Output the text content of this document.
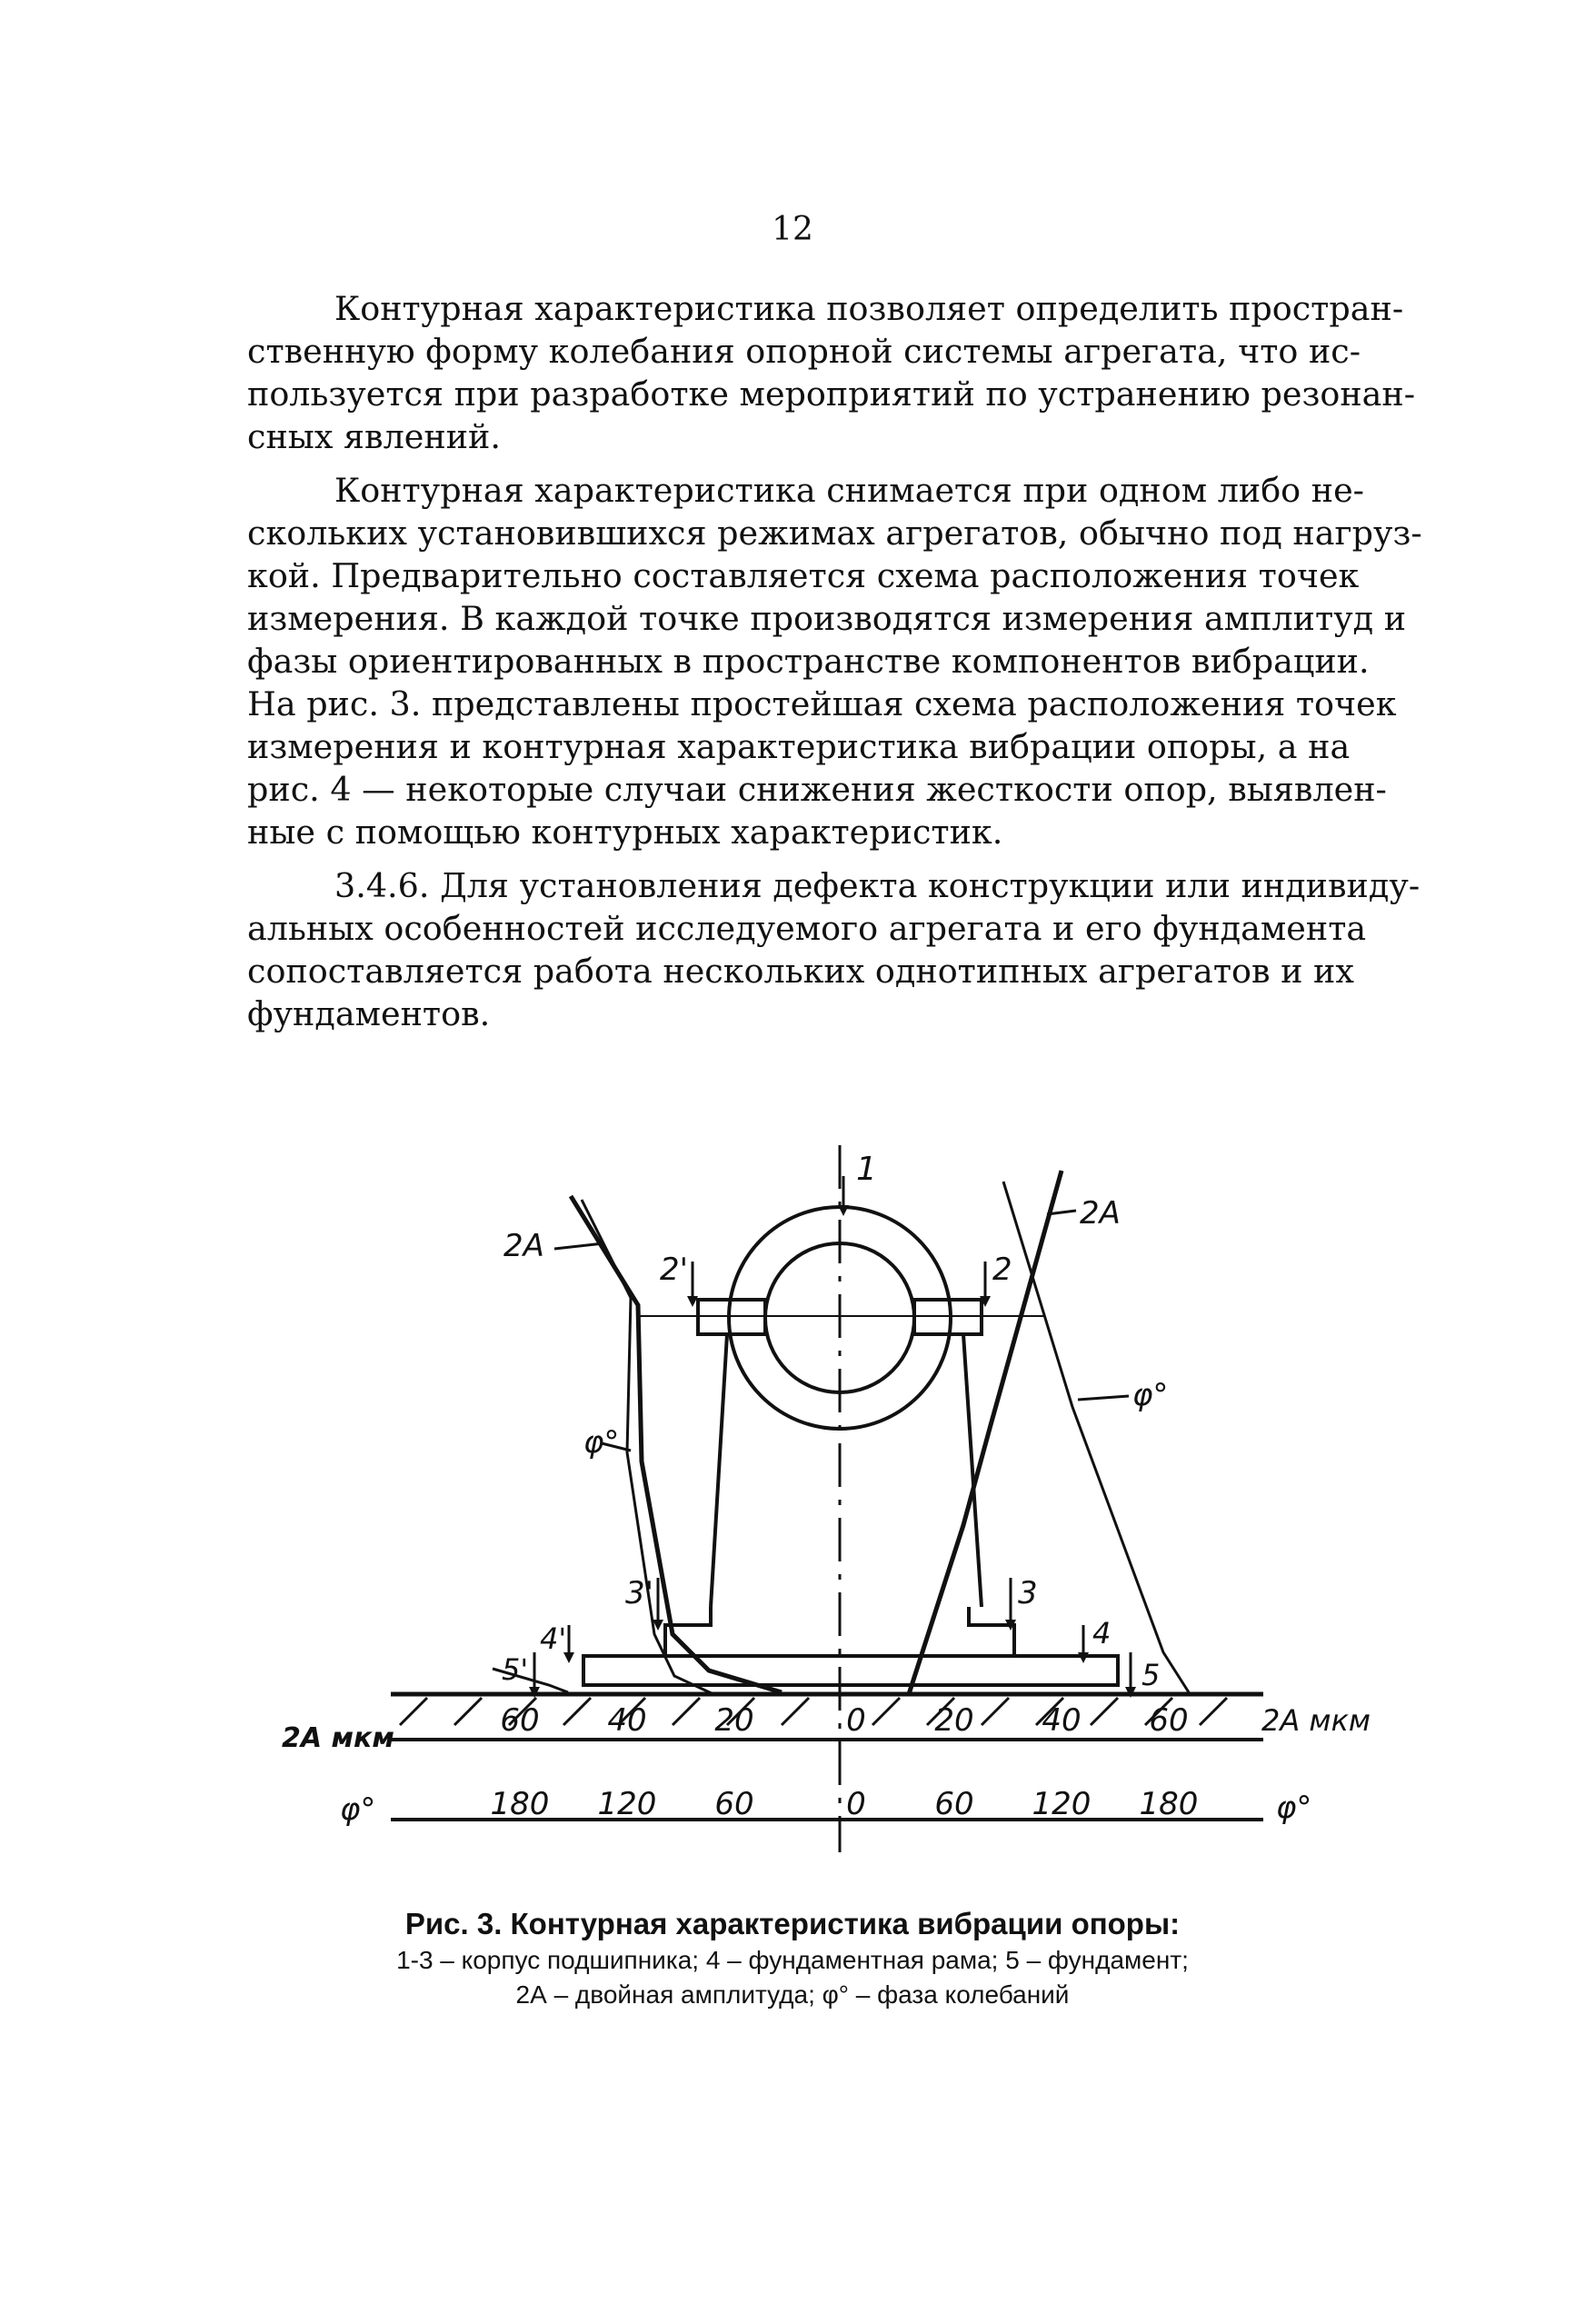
12

Контурная характеристика позволяет определить простран-
ственную форму колебания опорной системы агрегата, что ис-
пользуется при разработке мероприятий по устранению резонан-
сных явлений.

Контурная характеристика снимается при одном либо не-
скольких установившихся режимах агрегатов, обычно под нагруз-
кой. Предварительно составляется схема расположения точек
измерения. В каждой точке производятся измерения амплитуд и
фазы ориентированных в пространстве компонентов вибрации.
На рис. 3. представлены простейшая схема расположения точек
измерения и контурная характеристика вибрации опоры, а на
рис. 4 — некоторые случаи снижения жесткости опор, выявлен-
ные с помощью контурных характеристик.

3.4.6. Для установления дефекта конструкции или индивиду-
альных особенностей исследуемого агрегата и его фундамента
сопоставляется работа нескольких однотипных агрегатов и их
фундаментов.

1
2'	2
3'	3
4'	4
5'	5
2А
2А
φ°
φ°
2А мкм
2А мкм
60 40 20	0 20 40 60
φ°	φ°
180 120 60	0 60 120 180
Рис. 3. Контурная характеристика вибрации опоры:
1-3 – корпус подшипника; 4 – фундаментная рама; 5 – фундамент;
2А – двойная амплитуда; φ° – фаза колебаний
